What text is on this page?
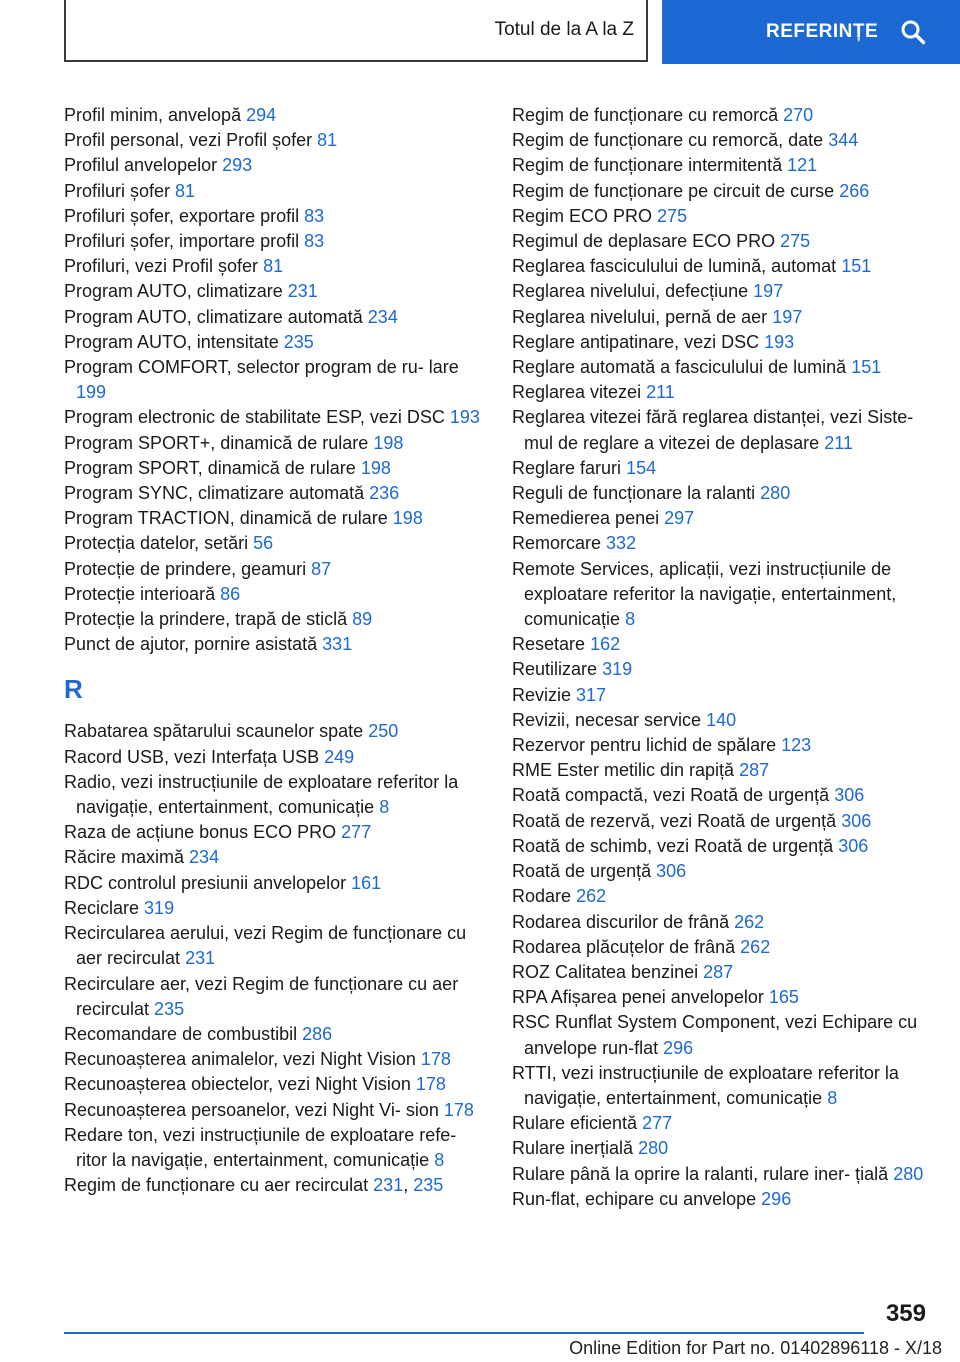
Totul de la A la Z	REFERINȚE
Profil minim, anvelopă 294
Profil personal, vezi Profil șofer 81
Profilul anvelopelor 293
Profiluri șofer 81
Profiluri șofer, exportare profil 83
Profiluri șofer, importare profil 83
Profiluri, vezi Profil șofer 81
Program AUTO, climatizare 231
Program AUTO, climatizare automată 234
Program AUTO, intensitate 235
Program COMFORT, selector program de ru‐ lare 199
Program electronic de stabilitate ESP, vezi DSC 193
Program SPORT+, dinamică de rulare 198
Program SPORT, dinamică de rulare 198
Program SYNC, climatizare automată 236
Program TRACTION, dinamică de rulare 198
Protecția datelor, setări 56
Protecție de prindere, geamuri 87
Protecție interioară 86
Protecție la prindere, trapă de sticlă 89
Punct de ajutor, pornire asistată 331
R
Rabatarea spătarului scaunelor spate 250
Racord USB, vezi Interfața USB 249
Radio, vezi instrucțiunile de exploatare referitor la navigație, entertainment, comunicație 8
Raza de acțiune bonus ECO PRO 277
Răcire maximă 234
RDC controlul presiunii anvelopelor 161
Reciclare 319
Recircularea aerului, vezi Regim de funcționare cu aer recirculat 231
Recirculare aer, vezi Regim de funcționare cu aer recirculat 235
Recomandare de combustibil 286
Recunoașterea animalelor, vezi Night Vision 178
Recunoașterea obiectelor, vezi Night Vision 178
Recunoașterea persoanelor, vezi Night Vi‐ sion 178
Redare ton, vezi instrucțiunile de exploatare refe‐ ritor la navigație, entertainment, comunicație 8
Regim de funcționare cu aer recirculat 231, 235
Regim de funcționare cu remorcă 270
Regim de funcționare cu remorcă, date 344
Regim de funcționare intermitentă 121
Regim de funcționare pe circuit de curse 266
Regim ECO PRO 275
Regimul de deplasare ECO PRO 275
Reglarea fasciculului de lumină, automat 151
Reglarea nivelului, defecțiune 197
Reglarea nivelului, pernă de aer 197
Reglare antipatinare, vezi DSC 193
Reglare automată a fasciculului de lumină 151
Reglarea vitezei 211
Reglarea vitezei fără reglarea distanței, vezi Siste‐ mul de reglare a vitezei de deplasare 211
Reglare faruri 154
Reguli de funcționare la ralanti 280
Remedierea penei 297
Remorcare 332
Remote Services, aplicații, vezi instrucțiunile de exploatare referitor la navigație, entertainment, comunicație 8
Resetare 162
Reutilizare 319
Revizie 317
Revizii, necesar service 140
Rezervor pentru lichid de spălare 123
RME Ester metilic din rapiță 287
Roată compactă, vezi Roată de urgență 306
Roată de rezervă, vezi Roată de urgență 306
Roată de schimb, vezi Roată de urgență 306
Roată de urgență 306
Rodare 262
Rodarea discurilor de frână 262
Rodarea plăcuțelor de frână 262
ROZ Calitatea benzinei 287
RPA Afișarea penei anvelopelor 165
RSC Runflat System Component, vezi Echipare cu anvelope run-flat 296
RTTI, vezi instrucțiunile de exploatare referitor la navigație, entertainment, comunicație 8
Rulare eficientă 277
Rulare inerțială 280
Rulare până la oprire la ralanti, rulare iner‐ țială 280
Run-flat, echipare cu anvelope 296
359
Online Edition for Part no. 01402896118 - X/18
